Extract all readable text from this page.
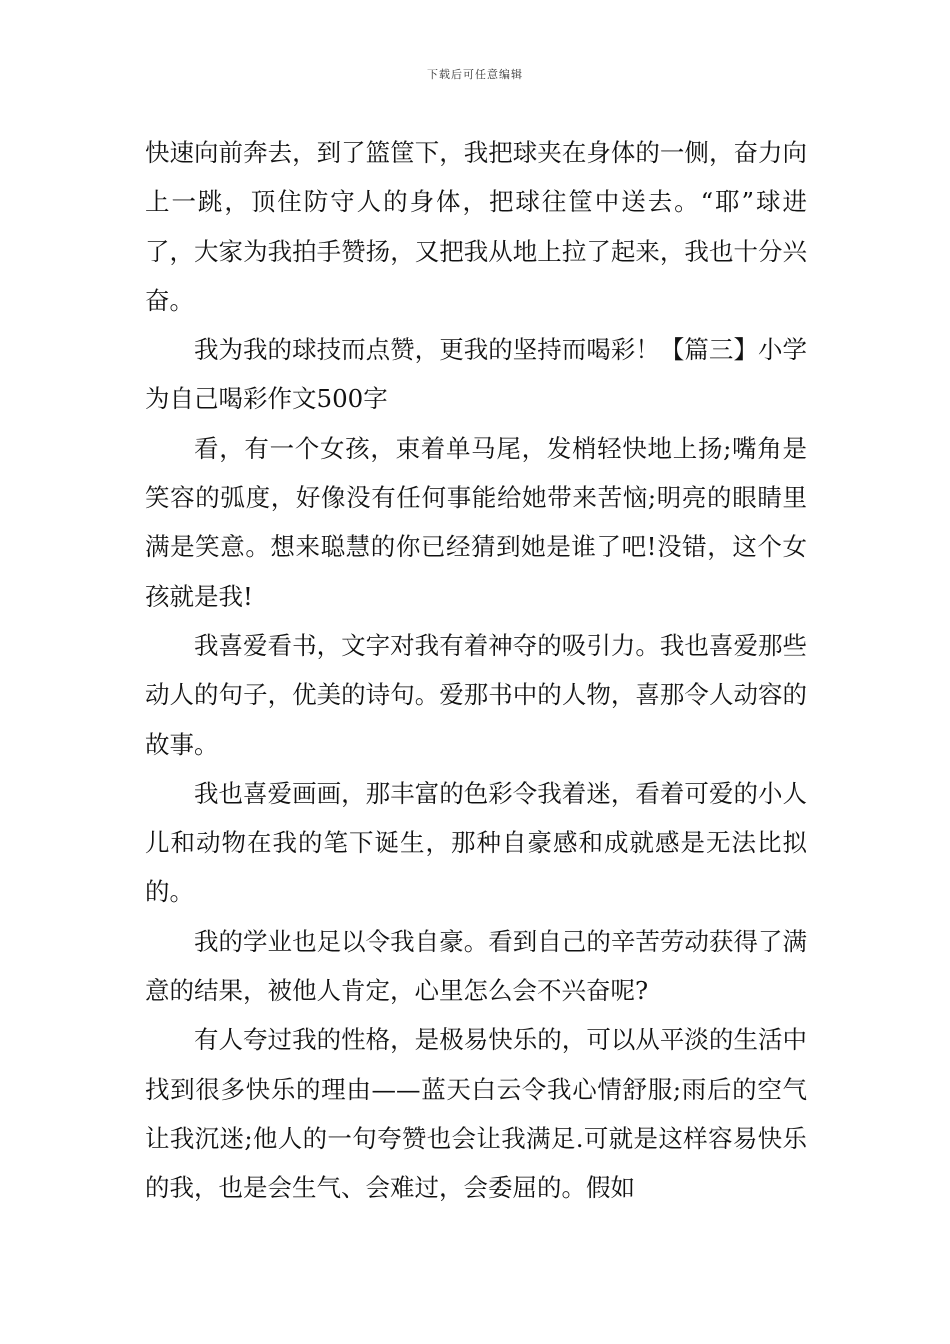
下载后可任意编辑

快速向前奔去，到了篮筐下，我把球夹在身体的一侧，奋力向上一跳，顶住防守人的身体，把球往筐中送去。“耶”球进了，大家为我拍手赞扬，又把我从地上拉了起来，我也十分兴奋。

我为我的球技而点赞，更我的坚持而喝彩！【篇三】小学为自己喝彩作文500字

看，有一个女孩，束着单马尾，发梢轻快地上扬;嘴角是笑容的弧度，好像没有任何事能给她带来苦恼;明亮的眼睛里满是笑意。想来聪慧的你已经猜到她是谁了吧!没错，这个女孩就是我!

我喜爱看书，文字对我有着神夺的吸引力。我也喜爱那些动人的句子，优美的诗句。爱那书中的人物，喜那令人动容的故事。

我也喜爱画画，那丰富的色彩令我着迷，看着可爱的小人儿和动物在我的笔下诞生，那种自豪感和成就感是无法比拟的。

我的学业也足以令我自豪。看到自己的辛苦劳动获得了满意的结果，被他人肯定，心里怎么会不兴奋呢?

有人夸过我的性格，是极易快乐的，可以从平淡的生活中找到很多快乐的理由——蓝天白云令我心情舒服;雨后的空气让我沉迷;他人的一句夸赞也会让我满足.可就是这样容易快乐的我，也是会生气、会难过，会委屈的。假如
